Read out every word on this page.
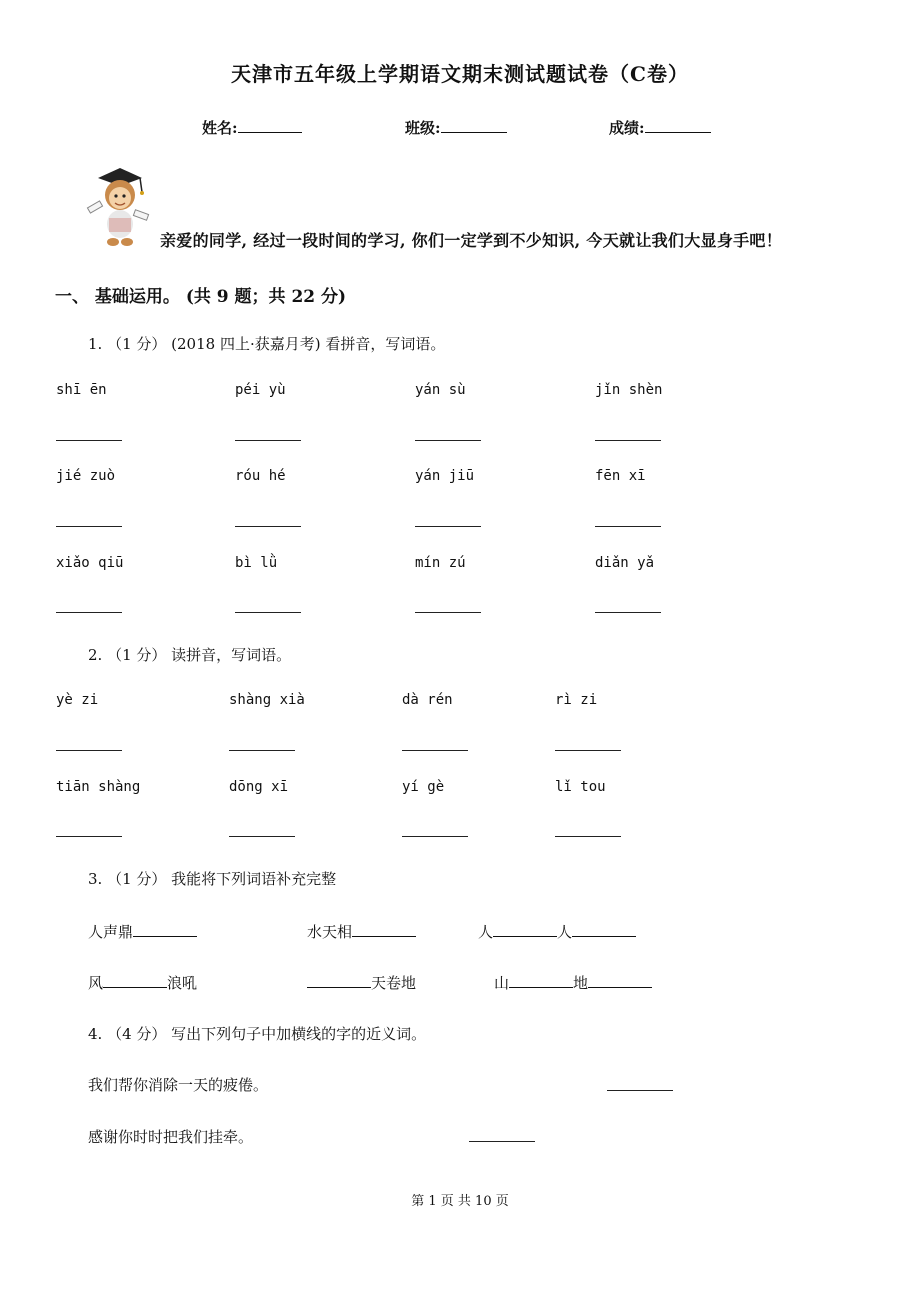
天津市五年级上学期语文期末测试题试卷（C卷）
姓名:	班级:	成绩:
亲爱的同学, 经过一段时间的学习, 你们一定学到不少知识, 今天就让我们大显身手吧！
一、 基础运用。 (共 9 题；共 22 分)
1. （1 分） (2018 四上·获嘉月考) 看拼音，写词语。
shī ēn	péi yù	yán sù	jǐn shèn
jié zuò	róu hé	yán jiū	fēn xī
xiǎo qiū	bì lǜ	mín zú	diǎn yǎ
2. （1 分） 读拼音，写词语。
yè zi	shàng xià	dà rén	rì zi
tiān shàng	dōng xī	yí gè	lǐ tou
3. （1 分） 我能将下列词语补充完整
人声鼎	水天相	人	人
风	浪吼	天卷地	山	地
4. （4 分） 写出下列句子中加横线的字的近义词。
我们帮你消除一天的疲倦。
感谢你时时把我们挂牵。
第 1 页 共 10 页
